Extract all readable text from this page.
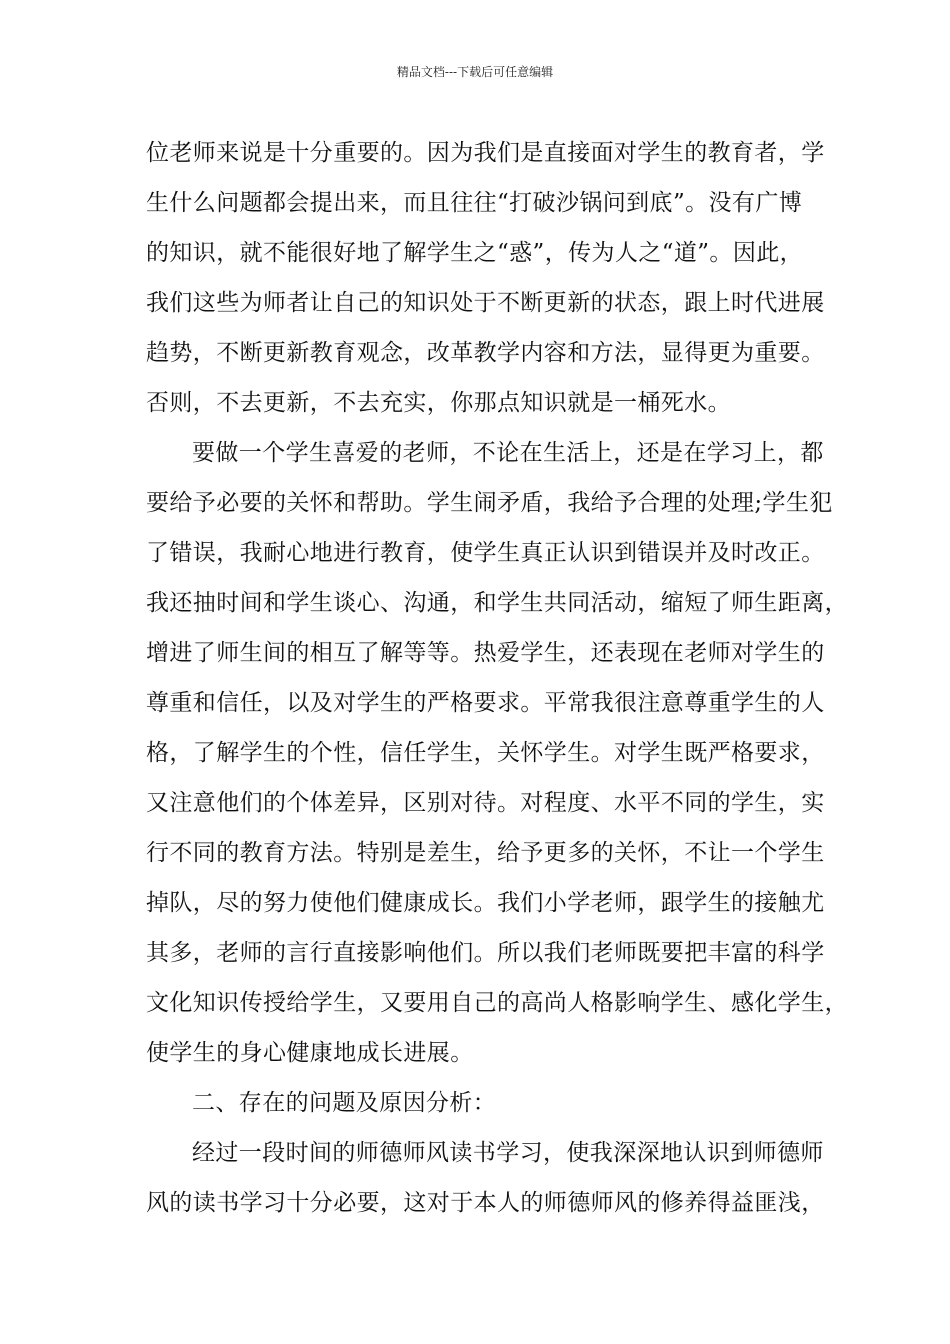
精品文档---下载后可任意编辑
位老师来说是十分重要的。因为我们是直接面对学生的教育者，学
生什么问题都会提出来，而且往往“打破沙锅问到底”。没有广博
的知识，就不能很好地了解学生之“惑”，传为人之“道”。因此，
我们这些为师者让自己的知识处于不断更新的状态，跟上时代进展
趋势，不断更新教育观念，改革教学内容和方法，显得更为重要。
否则，不去更新，不去充实，你那点知识就是一桶死水。
要做一个学生喜爱的老师，不论在生活上，还是在学习上，都
要给予必要的关怀和帮助。学生闹矛盾，我给予合理的处理;学生犯
了错误，我耐心地进行教育，使学生真正认识到错误并及时改正。
我还抽时间和学生谈心、沟通，和学生共同活动，缩短了师生距离，
增进了师生间的相互了解等等。热爱学生，还表现在老师对学生的
尊重和信任，以及对学生的严格要求。平常我很注意尊重学生的人
格，了解学生的个性，信任学生，关怀学生。对学生既严格要求，
又注意他们的个体差异，区别对待。对程度、水平不同的学生，实
行不同的教育方法。特别是差生，给予更多的关怀，不让一个学生
掉队，尽的努力使他们健康成长。我们小学老师，跟学生的接触尤
其多，老师的言行直接影响他们。所以我们老师既要把丰富的科学
文化知识传授给学生，又要用自己的高尚人格影响学生、感化学生，
使学生的身心健康地成长进展。
二、存在的问题及原因分析：
经过一段时间的师德师风读书学习，使我深深地认识到师德师
风的读书学习十分必要，这对于本人的师德师风的修养得益匪浅，
